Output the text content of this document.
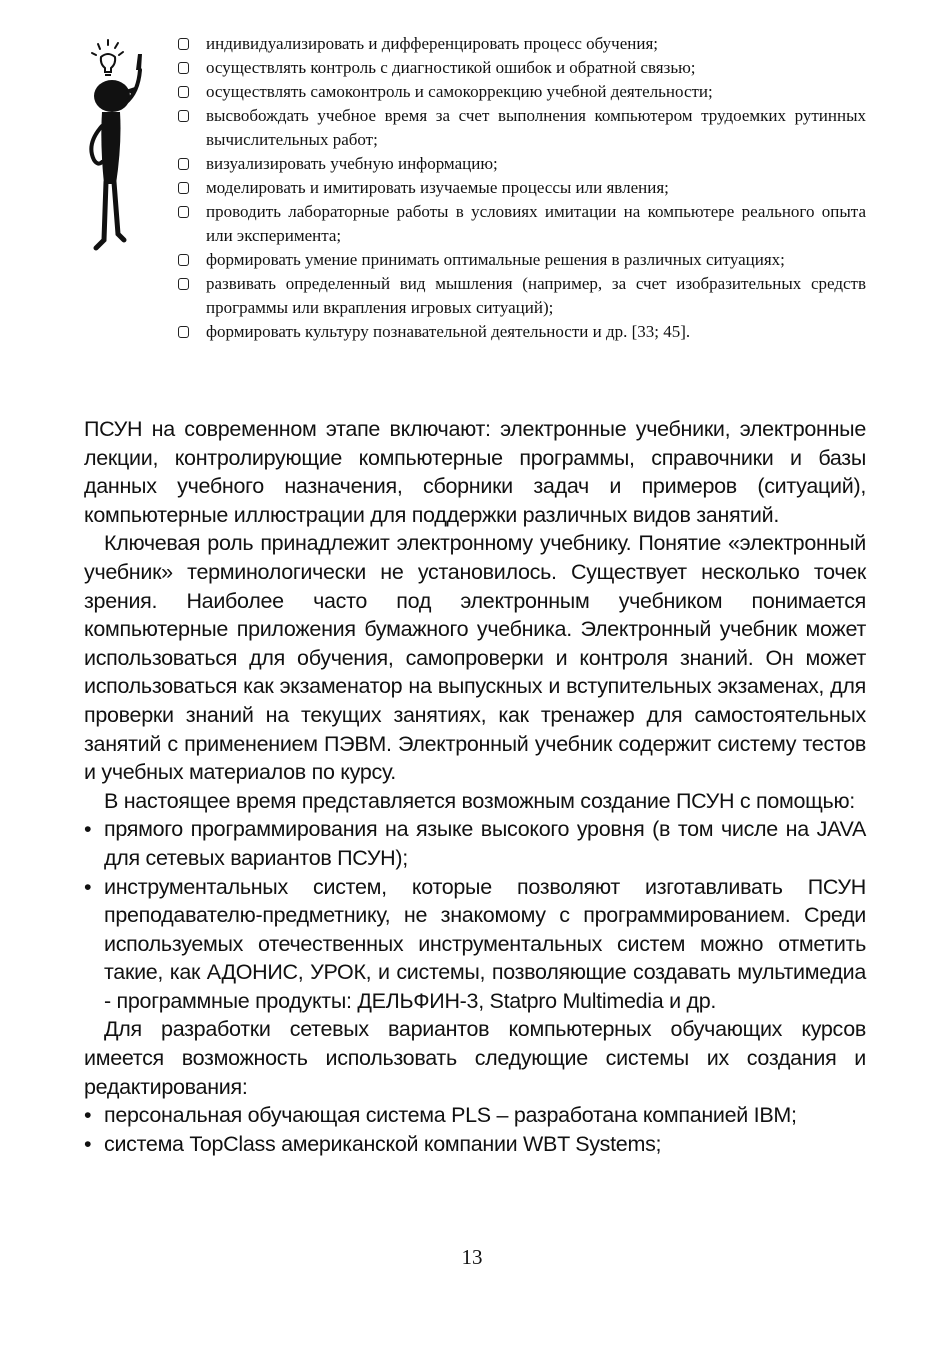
индивидуализировать и дифференцировать процесс обучения;
осуществлять контроль с диагностикой ошибок и обратной связью;
осуществлять самоконтроль и самокоррекцию учебной деятельности;
высвобождать учебное время за счет выполнения компьютером трудоемких рутинных вычислительных работ;
визуализировать учебную информацию;
моделировать и имитировать изучаемые процессы или явления;
проводить лабораторные работы в условиях имитации на компьютере реального опыта или эксперимента;
формировать умение принимать оптимальные решения в различных ситуациях;
развивать определенный вид мышления (например, за счет изобразительных средств программы или вкрапления игровых ситуаций);
формировать культуру познавательной деятельности и др. [33; 45].

ПСУН на современном этапе включают: электронные учебники, электронные лекции, контролирующие компьютерные программы, справочники и базы данных учебного назначения, сборники задач и примеров (ситуаций), компьютерные иллюстрации для поддержки различных видов занятий.

Ключевая роль принадлежит электронному учебнику. Понятие «электронный учебник» терминологически не установилось. Существует несколько точек зрения. Наиболее часто под электронным учебником понимается компьютерные приложения бумажного учебника. Электронный учебник может использоваться для обучения, самопроверки и контроля знаний. Он может использоваться как экзаменатор на выпускных и вступительных экзаменах, для проверки знаний на текущих занятиях, как тренажер для самостоятельных занятий с применением ПЭВМ. Электронный учебник содержит систему тестов и учебных материалов по курсу.

В настоящее время представляется возможным создание ПСУН с помощью:

• прямого программирования на языке высокого уровня (в том числе на JAVA для сетевых вариантов ПСУН);
• инструментальных систем, которые позволяют изготавливать ПСУН преподавателю-предметнику, не знакомому с программированием. Среди используемых отечественных инструментальных систем можно отметить такие, как АДОНИС, УРОК, и системы, позволяющие создавать мультимедиа - программные продукты: ДЕЛЬФИН-3, Statpro Multimedia и др.

Для разработки сетевых вариантов компьютерных обучающих курсов имеется возможность использовать следующие системы их создания и редактирования:

• персональная обучающая система PLS – разработана компанией IBM;
• система TopClass американской компании WBT Systems;
13
